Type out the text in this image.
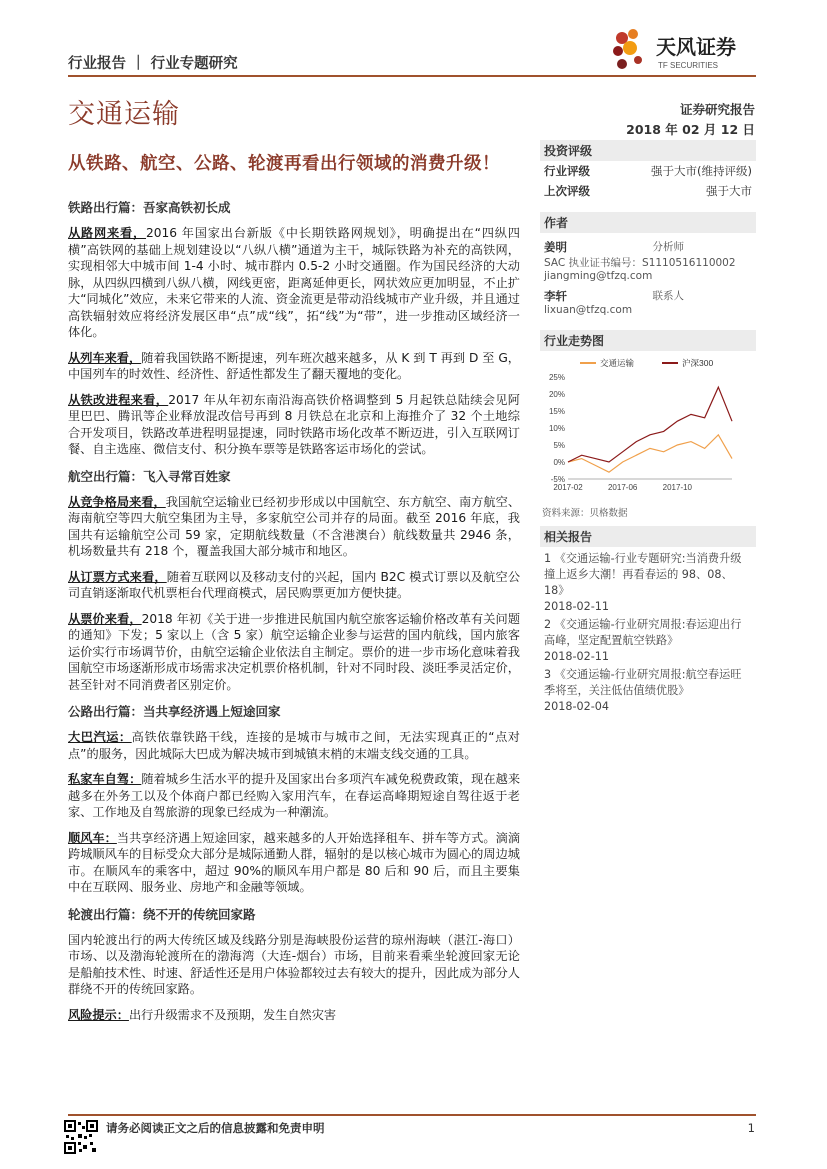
行业报告 ｜ 行业专题研究
天风证券
TF SECURITIES
交通运输	证券研究报告
2018 年 02 月 12 日
从铁路、航空、公路、轮渡再看出行领域的消费升级！
铁路出行篇：吾家高铁初长成
从路网来看，2016 年国家出台新版《中长期铁路网规划》，明确提出在“四纵四横”高铁网的基础上规划建设以“八纵八横”通道为主干，城际铁路为补充的高铁网，实现相邻大中城市间 1-4 小时、城市群内 0.5-2 小时交通圈。作为国民经济的大动脉，从四纵四横到八纵八横，网线更密，距离延伸更长，网状效应更加明显，不止扩大“同城化”效应，未来它带来的人流、资金流更是带动沿线城市产业升级，并且通过高铁辐射效应将经济发展区串“点”成“线”，拓“线”为“带”，进一步推动区域经济一体化。
从列车来看，随着我国铁路不断提速，列车班次越来越多，从 K 到 T 再到 D 至 G，中国列车的时效性、经济性、舒适性都发生了翻天覆地的变化。
从铁改进程来看，2017 年从年初东南沿海高铁价格调整到 5 月起铁总陆续会见阿里巴巴、腾讯等企业释放混改信号再到 8 月铁总在北京和上海推介了 32 个土地综合开发项目，铁路改革进程明显提速，同时铁路市场化改革不断迈进，引入互联网订餐、自主选座、微信支付、积分换车票等是铁路客运市场化的尝试。
航空出行篇：飞入寻常百姓家
从竞争格局来看，我国航空运输业已经初步形成以中国航空、东方航空、南方航空、海南航空等四大航空集团为主导，多家航空公司并存的局面。截至 2016 年底，我国共有运输航空公司 59 家，定期航线数量（不含港澳台）航线数量共 2946 条，机场数量共有 218 个，覆盖我国大部分城市和地区。
从订票方式来看，随着互联网以及移动支付的兴起，国内 B2C 模式订票以及航空公司直销逐渐取代机票柜台代理商模式，居民购票更加方便快捷。
从票价来看，2018 年初《关于进一步推进民航国内航空旅客运输价格改革有关问题的通知》下发；5 家以上（含 5 家）航空运输企业参与运营的国内航线，国内旅客运价实行市场调节价，由航空运输企业依法自主制定。票价的进一步市场化意味着我国航空市场逐渐形成市场需求决定机票价格机制，针对不同时段、淡旺季灵活定价，甚至针对不同消费者区别定价。
公路出行篇：当共享经济遇上短途回家
大巴汽运：高铁依靠铁路干线，连接的是城市与城市之间，无法实现真正的“点对点”的服务，因此城际大巴成为解决城市到城镇末梢的末端支线交通的工具。
私家车自驾：随着城乡生活水平的提升及国家出台多项汽车减免税费政策，现在越来越多在外务工以及个体商户都已经购入家用汽车，在春运高峰期短途自驾往返于老家、工作地及自驾旅游的现象已经成为一种潮流。
顺风车：当共享经济遇上短途回家，越来越多的人开始选择租车、拼车等方式。滴滴跨城顺风车的目标受众大部分是城际通勤人群，辐射的是以核心城市为圆心的周边城市。在顺风车的乘客中，超过 90%的顺风车用户都是 80 后和 90 后，而且主要集中在互联网、服务业、房地产和金融等领域。
轮渡出行篇：绕不开的传统回家路
国内轮渡出行的两大传统区域及线路分别是海峡股份运营的琼州海峡（湛江-海口）市场、以及渤海轮渡所在的渤海湾（大连-烟台）市场，目前来看乘坐轮渡回家无论是船舶技术性、时速、舒适性还是用户体验都较过去有较大的提升，因此成为部分人群绕不开的传统回家路。
风险提示：出行升级需求不及预期，发生自然灾害
投资评级
行业评级	强于大市(维持评级)
上次评级	强于大市
作者
姜明	分析师
SAC 执业证书编号：S1110516110002
jiangming@tfzq.com
李轩	联系人
lixuan@tfzq.com
行业走势图
25%
20%
15%
10%
5%
0%
-5%
2017-02	2017-06	2017-10
交通运输	沪深300
资料来源：贝格数据
相关报告
1 《交通运输-行业专题研究:当消费升级撞上返乡大潮！再看春运的 98、08、18》
2018-02-11
2 《交通运输-行业研究周报:春运迎出行高峰，坚定配置航空铁路》
2018-02-11
3 《交通运输-行业研究周报:航空春运旺季将至，关注低估值绩优股》
2018-02-04
请务必阅读正文之后的信息披露和免责申明	1
